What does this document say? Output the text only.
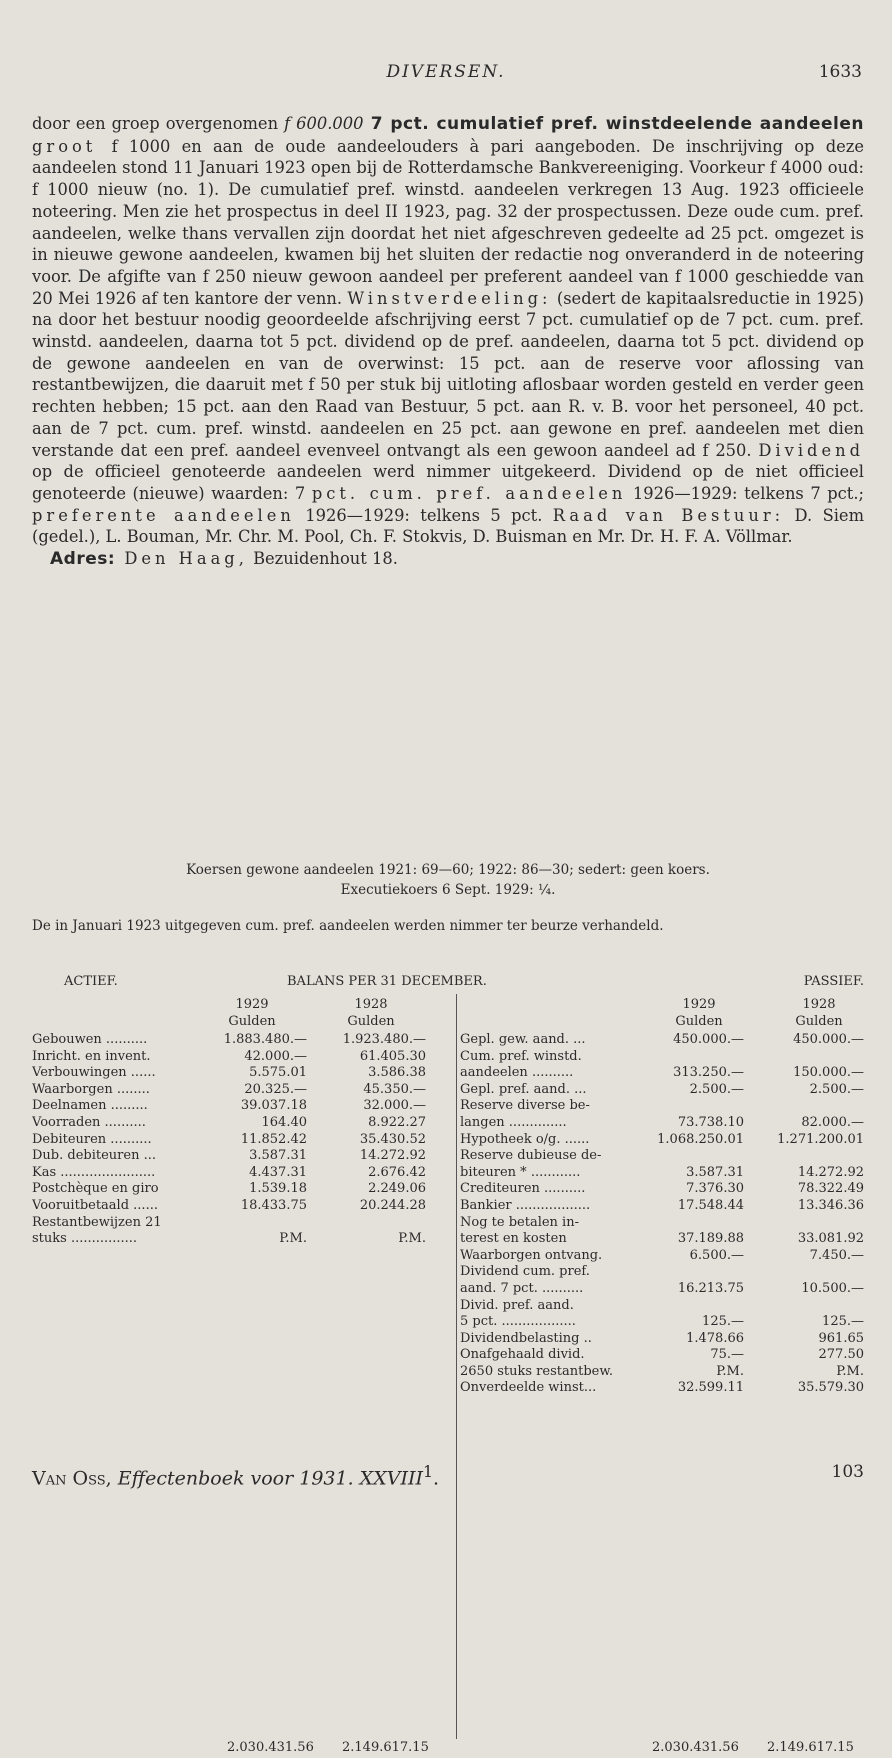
DIVERSEN.	1633

door een groep overgenomen f 600.000 7 pct. cumulatief pref. winstdeelende aandeelen groot f 1000 en aan de oude aandeelouders à pari aangeboden. De inschrijving op deze aandeelen stond 11 Januari 1923 open bij de Rotterdamsche Bankvereeniging. Voorkeur f 4000 oud: f 1000 nieuw (no. 1). De cumulatief pref. winstd. aandeelen verkregen 13 Aug. 1923 officieele noteering. Men zie het prospectus in deel II 1923, pag. 32 der prospectussen. Deze oude cum. pref. aandeelen, welke thans vervallen zijn doordat het niet afgeschreven gedeelte ad 25 pct. omgezet is in nieuwe gewone aandeelen, kwamen bij het sluiten der redactie nog onveranderd in de noteering voor. De afgifte van f 250 nieuw gewoon aandeel per preferent aandeel van f 1000 geschiedde van 20 Mei 1926 af ten kantore der venn. Winstverdeeling: (sedert de kapitaalsreductie in 1925) na door het bestuur noodig geoordeelde afschrijving eerst 7 pct. cumulatief op de 7 pct. cum. pref. winstd. aandeelen, daarna tot 5 pct. dividend op de pref. aandeelen, daarna tot 5 pct. dividend op de gewone aandeelen en van de overwinst: 15 pct. aan de reserve voor aflossing van restantbewijzen, die daaruit met f 50 per stuk bij uitloting aflosbaar worden gesteld en verder geen rechten hebben; 15 pct. aan den Raad van Bestuur, 5 pct. aan R. v. B. voor het personeel, 40 pct. aan de 7 pct. cum. pref. winstd. aandeelen en 25 pct. aan gewone en pref. aandeelen met dien verstande dat een pref. aandeel evenveel ontvangt als een gewoon aandeel ad f 250. Dividend op de officieel genoteerde aandeelen werd nimmer uitgekeerd. Dividend op de niet officieel genoteerde (nieuwe) waarden: 7 pct. cum. pref. aandeelen 1926—1929: telkens 7 pct.; preferente aandeelen 1926—1929: telkens 5 pct. Raad van Bestuur: D. Siem (gedel.), L. Bouman, Mr. Chr. M. Pool, Ch. F. Stokvis, D. Buisman en Mr. Dr. H. F. A. Völlmar.

Adres: Den Haag, Bezuidenhout 18.

Koersen gewone aandeelen 1921: 69—60; 1922: 86—30; sedert: geen koers.
Executiekoers 6 Sept. 1929: ¼.
De in Januari 1923 uitgegeven cum. pref. aandeelen werden nimmer ter beurze verhandeld.
ACTIEF.	BALANS PER 31 DECEMBER.	PASSIEF.
1929
Gulden
1928
Gulden
Gebouwen ..........	1.883.480.—	1.923.480.—
Inricht. en invent.	42.000.—	61.405.30
Verbouwingen ......	5.575.01	3.586.38
Waarborgen ........	20.325.—	45.350.—
Deelnamen .........	39.037.18	32.000.—
Voorraden ..........	164.40	8.922.27
Debiteuren ..........	11.852.42	35.430.52
Dub. debiteuren ...	3.587.31	14.272.92
Kas .......................	4.437.31	2.676.42
Postchèque en giro	1.539.18	2.249.06
Vooruitbetaald ......	18.433.75	20.244.28
Restantbewijzen 21
stuks ................	P.M.	P.M.
1929
Gulden
1928
Gulden
Gepl. gew. aand. ...	450.000.—	450.000.—
Cum. pref. winstd.
aandeelen ..........	313.250.—	150.000.—
Gepl. pref. aand. ...	2.500.—	2.500.—
Reserve diverse be-
langen ..............	73.738.10	82.000.—
Hypotheek o/g. ......	1.068.250.01	1.271.200.01
Reserve dubieuse de-
biteuren * ............	3.587.31	14.272.92
Crediteuren ..........	7.376.30	78.322.49
Bankier ..................	17.548.44	13.346.36
Nog te betalen in-
terest en kosten	37.189.88	33.081.92
Waarborgen ontvang.	6.500.—	7.450.—
Dividend cum. pref.
aand. 7 pct. ..........	16.213.75	10.500.—
Divid. pref. aand.
5 pct. ..................	125.—	125.—
Dividendbelasting ..	1.478.66	961.65
Onafgehaald divid.	75.—	277.50
2650 stuks restantbew.	P.M.	P.M.
Onverdeelde winst...	32.599.11	35.579.30
2.030.431.56 2.149.617.15	2.030.431.56 2.149.617.15
Van Oss, Effectenboek voor 1931. XXVIII$^1$.	103
